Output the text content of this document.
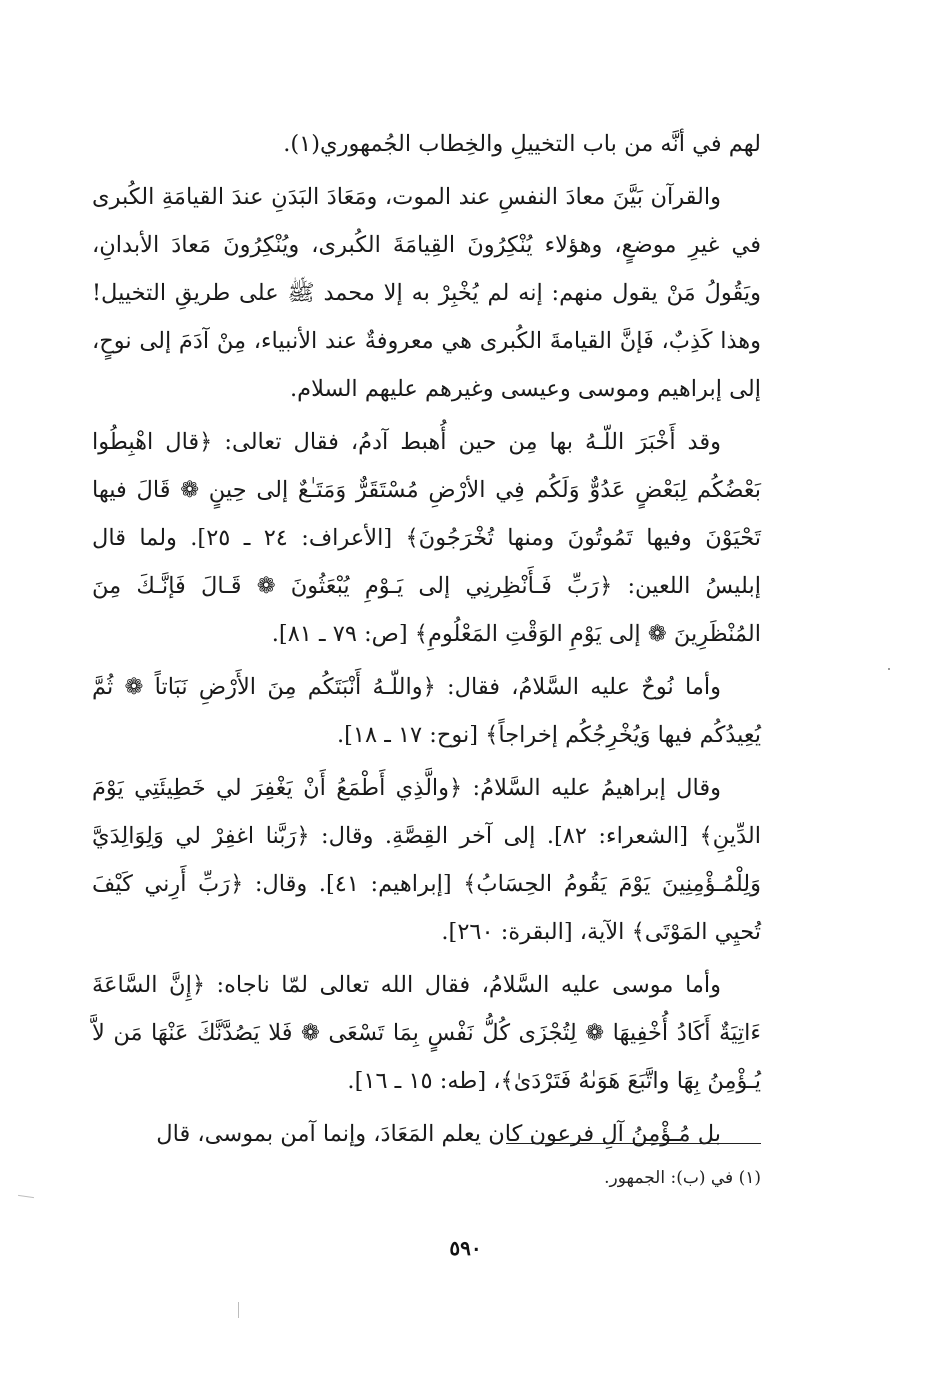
لهم في أنَّه من باب التخييلِ والخِطاب الجُمهوري(١).

والقرآن بَيَّنَ معادَ النفسِ عند الموت، ومَعَادَ البَدَنِ عندَ القيامَةِ الكُبرى في غيرِ موضعٍ، وهؤلاء يُنْكِرُونَ القِيامَةَ الكُبرى، ويُنْكِرُونَ مَعادَ الأبدانِ، ويَقُولُ مَنْ يقول منهم: إنه لم يُخْبِرْ به إلا محمد ﷺ على طريقِ التخييل! وهذا كَذِبٌ، فَإنَّ القيامةَ الكُبرى هي معروفةٌ عند الأنبياء، مِنْ آدَمَ إلى نوحٍ، إلى إبراهيم وموسى وعيسى وغيرهم عليهم السلام.

وقد أَخْبَرَ اللّـهُ بها مِن حين أُهبط آدمُ، فقال تعالى: ﴿قال اهْبِطُوا بَعْضُكُم لِبَعْضٍ عَدُوٌّ وَلَكُم فِي الأرْضِ مُسْتَقَرٌّ وَمَتَـٰعٌ إلى حِينٍ ❁ قَالَ فيها تَحْيَوْنَ وفيها تَمُوتُونَ ومنها تُخْرَجُونَ﴾ [الأعراف: ٢٤ ـ ٢٥]. ولما قال إبليسُ اللعين: ﴿رَبِّ فَـأَنْظِرنِي إلى يَـوْمِ يُبْعَثُونَ ❁ قَـالَ فَإنَّـكَ مِنَ المُنْظَرِينَ ❁ إلى يَوْمِ الوَقْتِ المَعْلُومِ﴾ [ص: ٧٩ ـ ٨١].

وأما نُوحٌ عليه السَّلامُ، فقال: ﴿واللّـهُ أَنْبَتَكُم مِنَ الأَرْضِ نَبَاتاً ❁ ثُمَّ يُعِيدُكُم فيها وَيُخْرِجُكُم إخراجاً﴾ [نوح: ١٧ ـ ١٨].

وقال إبراهيمُ عليه السَّلامُ: ﴿والَّذِي أَطْمَعُ أَنْ يَغْفِرَ لي خَطِيئَتِي يَوْمَ الدِّينِ﴾ [الشعراء: ٨٢]. إلى آخر القِصَّةِ. وقال: ﴿رَبَّنا اغفِرْ لي وَلِوَالِدَيَّ وَلِلْمُـؤْمِنِينَ يَوْمَ يَقُومُ الحِسَابُ﴾ [إبراهيم: ٤١]. وقال: ﴿رَبِّ أَرِني كَيْفَ تُحيِي المَوْتَى﴾ الآية، [البقرة: ٢٦٠].

وأما موسى عليه السَّلامُ، فقال الله تعالى لمّا ناجاه: ﴿إِنَّ السَّاعَةَ ءَاتِيَةٌ أَكَادُ أُخْفِيهَا ❁ لِتُجْزَى كُلُّ نَفْسٍ بِمَا تَسْعَى ❁ فَلا يَصُدَّنَّكَ عَنْهَا مَن لاَّ يُـؤْمِنُ بِهَا واتَّبَعَ هَوَىٰهُ فَتَرْدَىٰ﴾، [طه: ١٥ ـ ١٦].

بل مُـؤْمِنُ آلِ فرعون كان يعلم المَعَادَ، وإنما آمن بموسى، قال

(١) في (ب): الجمهور.
٥٩٠
